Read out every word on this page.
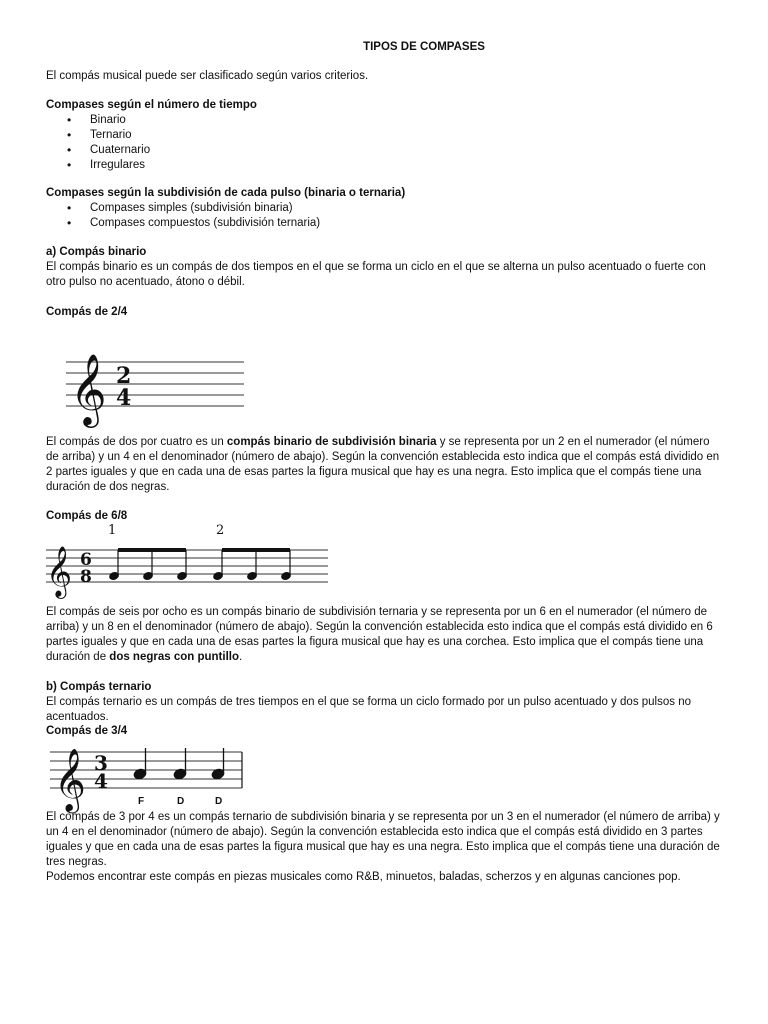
TIPOS DE COMPASES
El compás musical puede ser clasificado según varios criterios.
Compases según el número de tiempo
• Binario
• Ternario
• Cuaternario
• Irregulares
Compases según la subdivisión de cada pulso (binaria o ternaria)
• Compases simples (subdivisión binaria)
• Compases compuestos (subdivisión ternaria)
a) Compás binario
El compás binario es un compás de dos tiempos en el que se forma un ciclo en el que se alterna un pulso acentuado o fuerte con otro pulso no acentuado, átono o débil.
Compás de 2/4
𝄞 2
4
El compás de dos por cuatro es un compás binario de subdivisión binaria y se representa por un 2 en el numerador (el número de arriba) y un 4 en el denominador (número de abajo). Según la convención establecida esto indica que el compás está dividido en 2 partes iguales y que en cada una de esas partes la figura musical que hay es una negra. Esto implica que el compás tiene una duración de dos negras.
Compás de 6/8
1	2
𝄞 6
8
El compás de seis por ocho es un compás binario de subdivisión ternaria y se representa por un 6 en el numerador (el número de arriba) y un 8 en el denominador (número de abajo). Según la convención establecida esto indica que el compás está dividido en 6 partes iguales y que en cada una de esas partes la figura musical que hay es una corchea. Esto implica que el compás tiene una duración de dos negras con puntillo.
b) Compás ternario
El compás ternario es un compás de tres tiempos en el que se forma un ciclo formado por un pulso acentuado y dos pulsos no acentuados.
Compás de 3/4
𝄞 3
4
F	D	D
El compás de 3 por 4 es un compás ternario de subdivisión binaria y se representa por un 3 en el numerador (el número de arriba) y un 4 en el denominador (número de abajo). Según la convención establecida esto indica que el compás está dividido en 3 partes iguales y que en cada una de esas partes la figura musical que hay es una negra. Esto implica que el compás tiene una duración de tres negras.
Podemos encontrar este compás en piezas musicales como R&B, minuetos, baladas, scherzos y en algunas canciones pop.
